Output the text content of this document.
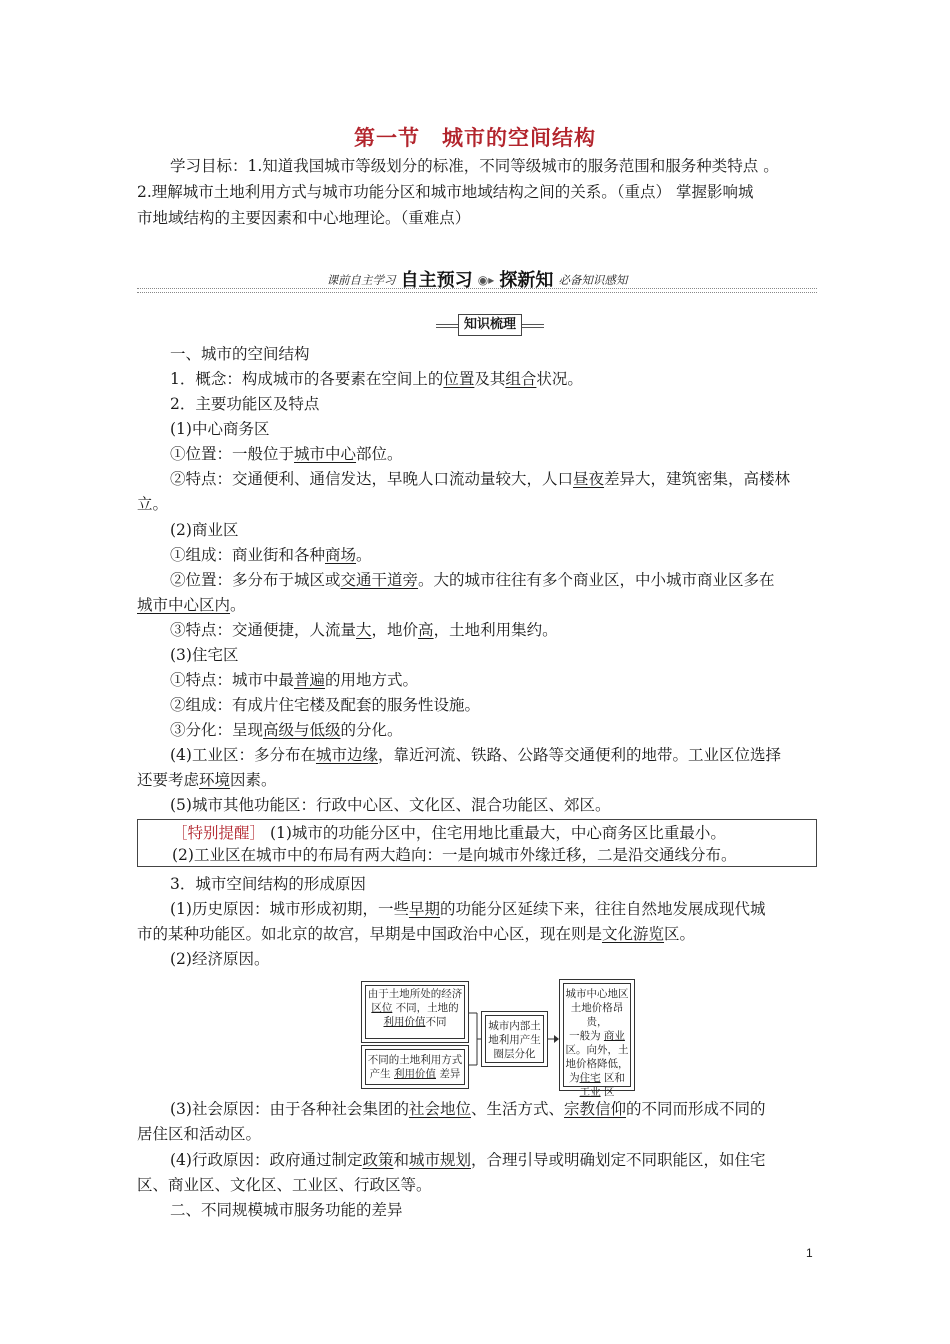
第一节　城市的空间结构
学习目标：1.知道我国城市等级划分的标准，不同等级城市的服务范围和服务种类特点 。
2.理解城市土地利用方式与城市功能分区和城市地域结构之间的关系。（重点） 掌握影响城
市地域结构的主要因素和中心地理论。（重难点）
课前自主学习 自主预习 ◉▸ 探新知 必备知识感知
知识梳理
一、城市的空间结构
1．概念：构成城市的各要素在空间上的位置及其组合状况。
2．主要功能区及特点
(1)中心商务区
①位置：一般位于城市中心部位。
②特点：交通便利、通信发达，早晚人口流动量较大，人口昼夜差异大，建筑密集，高楼林
立。
(2)商业区
①组成：商业街和各种商场。
②位置：多分布于城区或交通干道旁。大的城市往往有多个商业区，中小城市商业区多在
城市中心区内。
③特点：交通便捷，人流量大，地价高，土地利用集约。
(3)住宅区
①特点：城市中最普遍的用地方式。
②组成：有成片住宅楼及配套的服务性设施。
③分化：呈现高级与低级的分化。
(4)工业区：多分布在城市边缘，靠近河流、铁路、公路等交通便利的地带。工业区位选择
还要考虑环境因素。
(5)城市其他功能区：行政中心区、文化区、混合功能区、郊区。
［特别提醒］ (1)城市的功能分区中，住宅用地比重最大，中心商务区比重最小。
(2)工业区在城市中的布局有两大趋向：一是向城市外缘迁移，二是沿交通线分布。
3．城市空间结构的形成原因
(1)历史原因：城市形成初期，一些早期的功能分区延续下来，往往自然地发展成现代城
市的某种功能区。如北京的故宫，早期是中国政治中心区，现在则是文化游览区。
(2)经济原因。
由于土地所处的经济
区位 不同，土地的
利用价值不同
不同的土地利用方式
产生 利用价值 差异
城市内部土
地利用产生
圈层分化
城市中心地区
土地价格昂贵，
一般为 商业
区。向外，土
地价格降低，
为住宅 区和
工业 区
(3)社会原因：由于各种社会集团的社会地位、生活方式、宗教信仰的不同而形成不同的
居住区和活动区。
(4)行政原因：政府通过制定政策和城市规划，合理引导或明确划定不同职能区，如住宅
区、商业区、文化区、工业区、行政区等。
二、不同规模城市服务功能的差异
1
